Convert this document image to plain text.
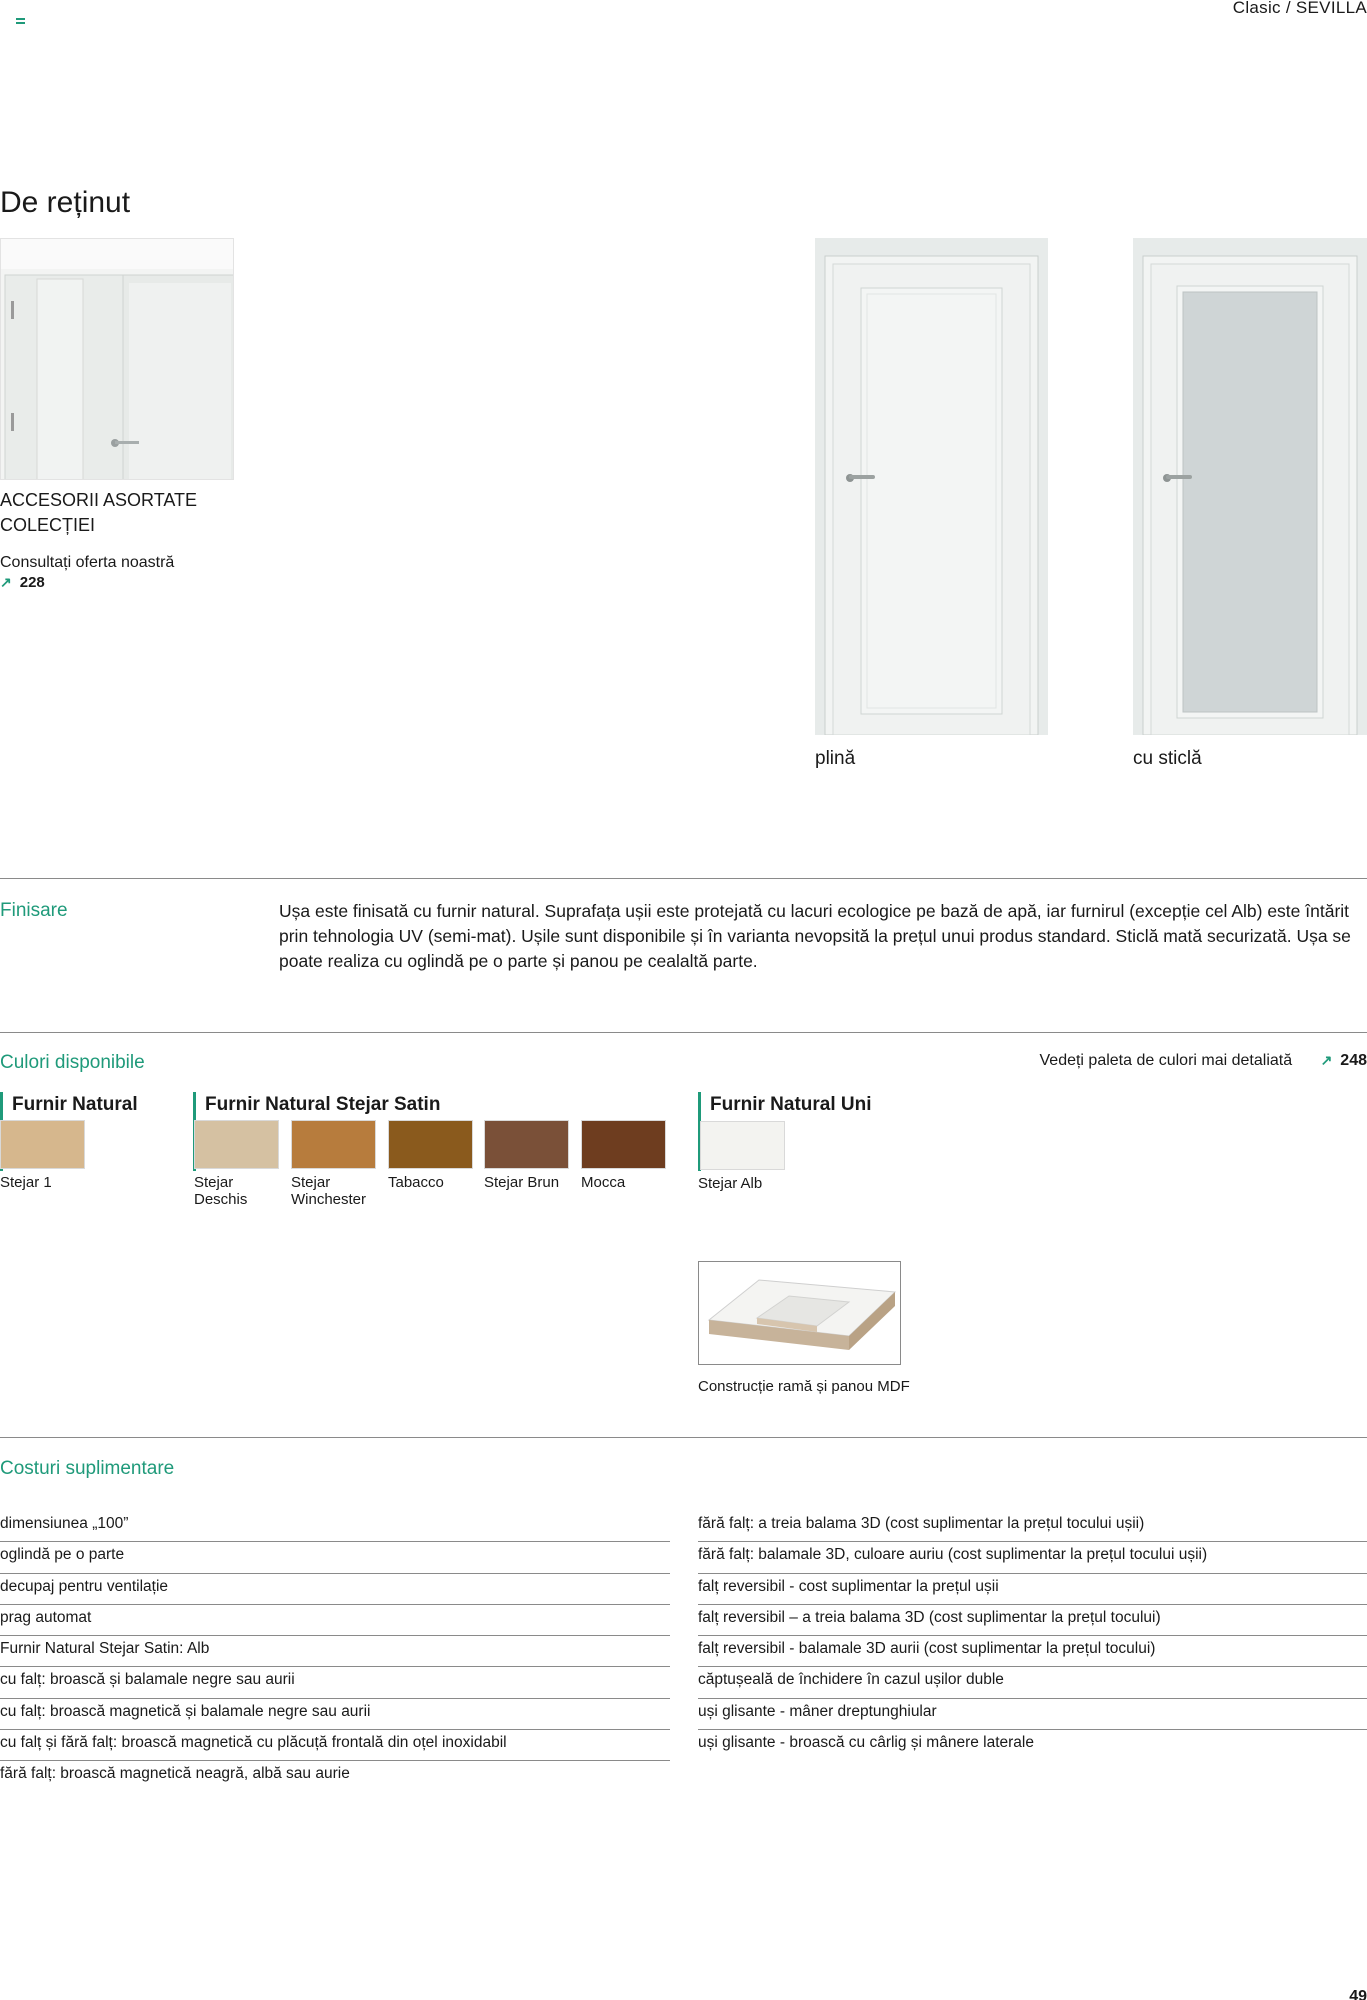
Clasic / SEVILLA
De reținut
ACCESORII ASORTATE COLECȚIEI
Consultați oferta noastră
↗ 228
plină	cu sticlă
Finisare	Ușa este finisată cu furnir natural. Suprafața ușii este protejată cu lacuri ecologice pe bază de apă, iar furnirul (excepție cel Alb) este întărit prin tehnologia UV (semi-mat). Ușile sunt disponibile și în varianta nevopsită la prețul unui produs standard. Sticlă mată securizată. Ușa se poate realiza cu oglindă pe o parte și panou pe cealaltă parte.
Culori disponibile	Vedeți paleta de culori mai detaliată ↗ 248
Furnir Natural
Stejar 1
Furnir Natural Stejar Satin
Stejar Deschis
Stejar Winchester
Tabacco	Stejar Brun	Mocca
Furnir Natural Uni
Stejar Alb
Construcție ramă și panou MDF
Costuri suplimentare
dimensiunea „100”
oglindă pe o parte
decupaj pentru ventilație
prag automat
Furnir Natural Stejar Satin: Alb
cu falț: broască și balamale negre sau aurii
cu falț: broască magnetică și balamale negre sau aurii
cu falț și fără falț: broască magnetică cu plăcuță frontală din oțel inoxidabil
fără falț: broască magnetică neagră, albă sau aurie
fără falț: a treia balama 3D (cost suplimentar la prețul tocului ușii)
fără falț: balamale 3D, culoare auriu (cost suplimentar la prețul tocului ușii)
falț reversibil - cost suplimentar la prețul ușii
falț reversibil – a treia balama 3D (cost suplimentar la prețul tocului)
falț reversibil - balamale 3D aurii (cost suplimentar la prețul tocului)
căptușeală de închidere în cazul ușilor duble
uși glisante - mâner dreptunghiular
uși glisante - broască cu cârlig și mânere laterale
49
